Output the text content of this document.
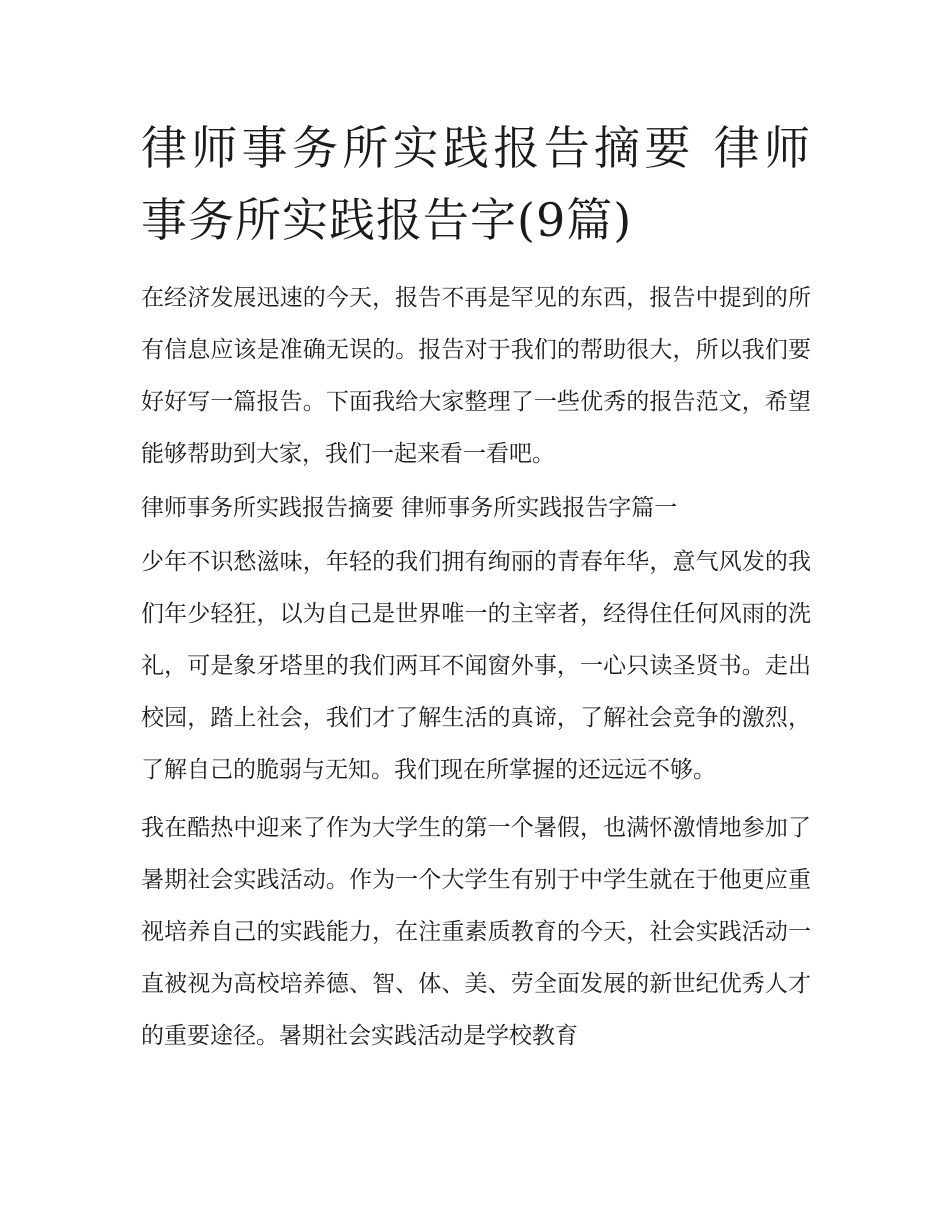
律师事务所实践报告摘要 律师事务所实践报告字(9篇)

在经济发展迅速的今天，报告不再是罕见的东西，报告中提到的所有信息应该是准确无误的。报告对于我们的帮助很大，所以我们要好好写一篇报告。下面我给大家整理了一些优秀的报告范文，希望能够帮助到大家，我们一起来看一看吧。

律师事务所实践报告摘要 律师事务所实践报告字篇一

少年不识愁滋味，年轻的我们拥有绚丽的青春年华，意气风发的我们年少轻狂，以为自己是世界唯一的主宰者，经得住任何风雨的洗礼，可是象牙塔里的我们两耳不闻窗外事，一心只读圣贤书。走出校园，踏上社会，我们才了解生活的真谛，了解社会竞争的激烈，了解自己的脆弱与无知。我们现在所掌握的还远远不够。

我在酷热中迎来了作为大学生的第一个暑假，也满怀激情地参加了暑期社会实践活动。作为一个大学生有别于中学生就在于他更应重视培养自己的实践能力，在注重素质教育的今天，社会实践活动一直被视为高校培养德、智、体、美、劳全面发展的新世纪优秀人才的重要途径。暑期社会实践活动是学校教育
